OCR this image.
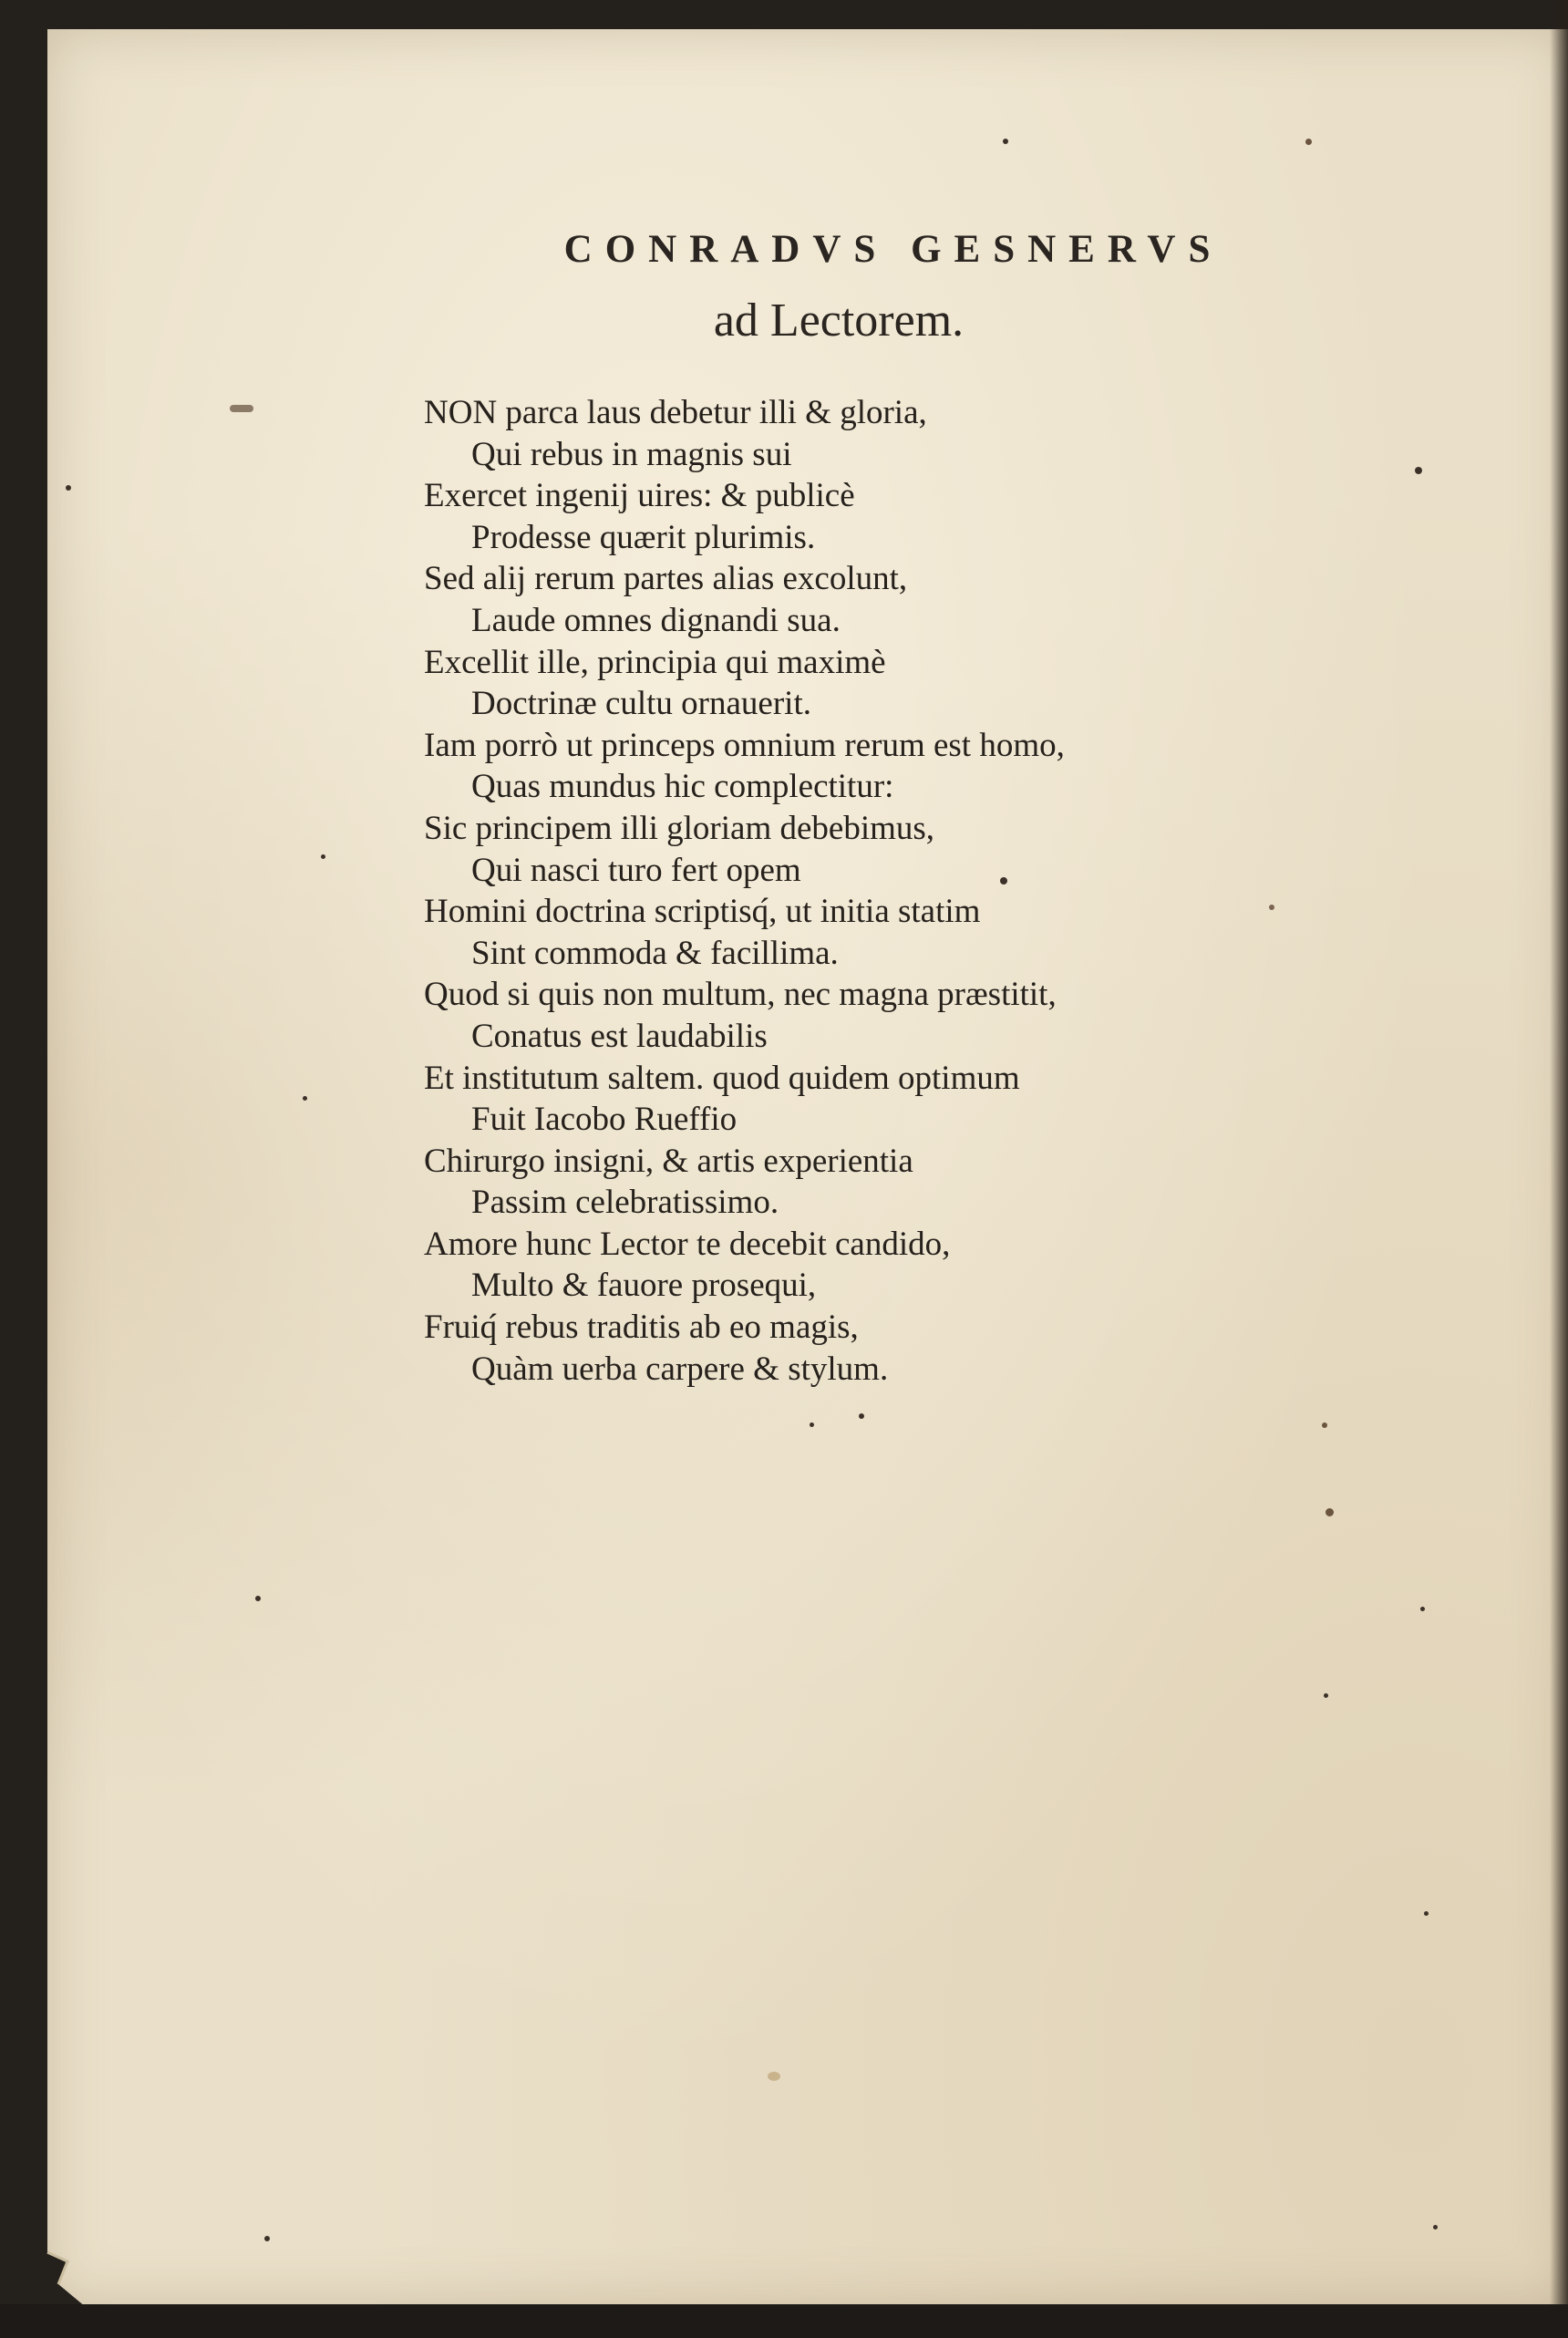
CONRADVS GESNERVS
ad Lectorem.
NON parca laus debetur illi & gloria,
Qui rebus in magnis sui
Exercet ingenij uires: & publicè
Prodesse quærit plurimis.
Sed alij rerum partes alias excolunt,
Laude omnes dignandi sua.
Excellit ille, principia qui maximè
Doctrinæ cultu ornauerit.
Iam porrò ut princeps omnium rerum est homo,
Quas mundus hic complectitur:
Sic principem illi gloriam debebimus,
Qui nasci turo fert opem
Homini doctrina scriptisq́, ut initia statim
Sint commoda & facillima.
Quod si quis non multum, nec magna præstitit,
Conatus est laudabilis
Et institutum saltem. quod quidem optimum
Fuit Iacobo Rueffio
Chirurgo insigni, & artis experientia
Passim celebratissimo.
Amore hunc Lector te decebit candido,
Multo & fauore prosequi,
Fruiq́ rebus traditis ab eo magis,
Quàm uerba carpere & stylum.
